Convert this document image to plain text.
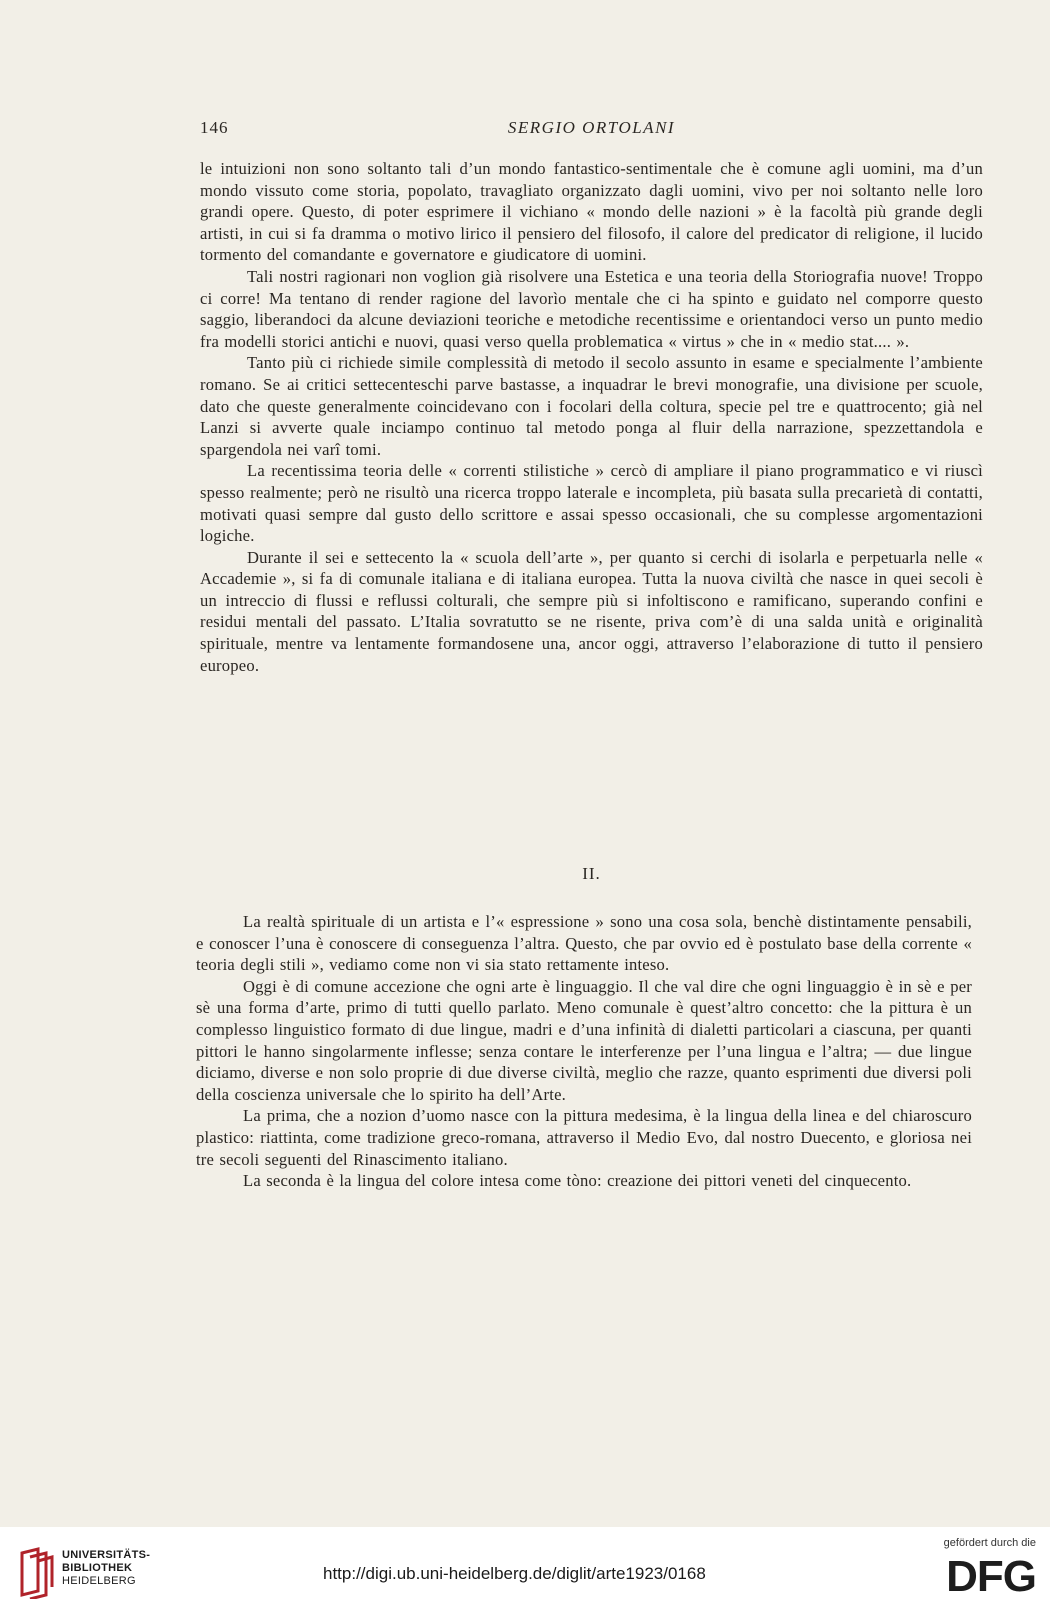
146	SERGIO ORTOLANI

le intuizioni non sono soltanto tali d’un mondo fantastico-sentimentale che è comune agli uomini, ma d’un mondo vissuto come storia, popolato, travagliato organizzato dagli uomini, vivo per noi soltanto nelle loro grandi opere. Questo, di poter esprimere il vichiano « mondo delle nazioni » è la facoltà più grande degli artisti, in cui si fa dramma o motivo lirico il pensiero del filosofo, il calore del predicator di religione, il lucido tormento del comandante e governatore e giudicatore di uomini.

Tali nostri ragionari non voglion già risolvere una Estetica e una teoria della Storiografia nuove! Troppo ci corre! Ma tentano di render ragione del lavorìo mentale che ci ha spinto e guidato nel comporre questo saggio, liberandoci da alcune deviazioni teoriche e metodiche recentissime e orientandoci verso un punto medio fra modelli storici antichi e nuovi, quasi verso quella problematica « virtus » che in « medio stat.... ».

Tanto più ci richiede simile complessità di metodo il secolo assunto in esame e specialmente l’ambiente romano. Se ai critici settecenteschi parve bastasse, a inquadrar le brevi monografie, una divisione per scuole, dato che queste generalmente coincidevano con i focolari della coltura, specie pel tre e quattrocento; già nel Lanzi si avverte quale inciampo continuo tal metodo ponga al fluir della narrazione, spezzettandola e spargendola nei varî tomi.

La recentissima teoria delle « correnti stilistiche » cercò di ampliare il piano programmatico e vi riuscì spesso realmente; però ne risultò una ricerca troppo laterale e incompleta, più basata sulla precarietà di contatti, motivati quasi sempre dal gusto dello scrittore e assai spesso occasionali, che su complesse argomentazioni logiche.

Durante il sei e settecento la « scuola dell’arte », per quanto si cerchi di isolarla e perpetuarla nelle « Accademie », si fa di comunale italiana e di italiana europea. Tutta la nuova civiltà che nasce in quei secoli è un intreccio di flussi e reflussi colturali, che sempre più si infoltiscono e ramificano, superando confini e residui mentali del passato. L’Italia sovratutto se ne risente, priva com’è di una salda unità e originalità spirituale, mentre va lentamente formandosene una, ancor oggi, attraverso l’elaborazione di tutto il pensiero europeo.

II.

La realtà spirituale di un artista e l’« espressione » sono una cosa sola, benchè distintamente pensabili, e conoscer l’una è conoscere di conseguenza l’altra. Questo, che par ovvio ed è postulato base della corrente « teoria degli stili », vediamo come non vi sia stato rettamente inteso.

Oggi è di comune accezione che ogni arte è linguaggio. Il che val dire che ogni linguaggio è in sè e per sè una forma d’arte, primo di tutti quello parlato. Meno comunale è quest’altro concetto: che la pittura è un complesso linguistico formato di due lingue, madri e d’una infinità di dialetti particolari a ciascuna, per quanti pittori le hanno singolarmente inflesse; senza contare le interferenze per l’una lingua e l’altra; — due lingue diciamo, diverse e non solo proprie di due diverse civiltà, meglio che razze, quanto esprimenti due diversi poli della coscienza universale che lo spirito ha dell’Arte.

La prima, che a nozion d’uomo nasce con la pittura medesima, è la lingua della linea e del chiaroscuro plastico: riattinta, come tradizione greco-romana, attraverso il Medio Evo, dal nostro Duecento, e gloriosa nei tre secoli seguenti del Rinascimento italiano.

La seconda è la lingua del colore intesa come tòno: creazione dei pittori veneti del cinquecento.

UNIVERSITÄTS-
BIBLIOTHEK
HEIDELBERG	http://digi.ub.uni-heidelberg.de/diglit/arte1923/0168
gefördert durch die
DFG
